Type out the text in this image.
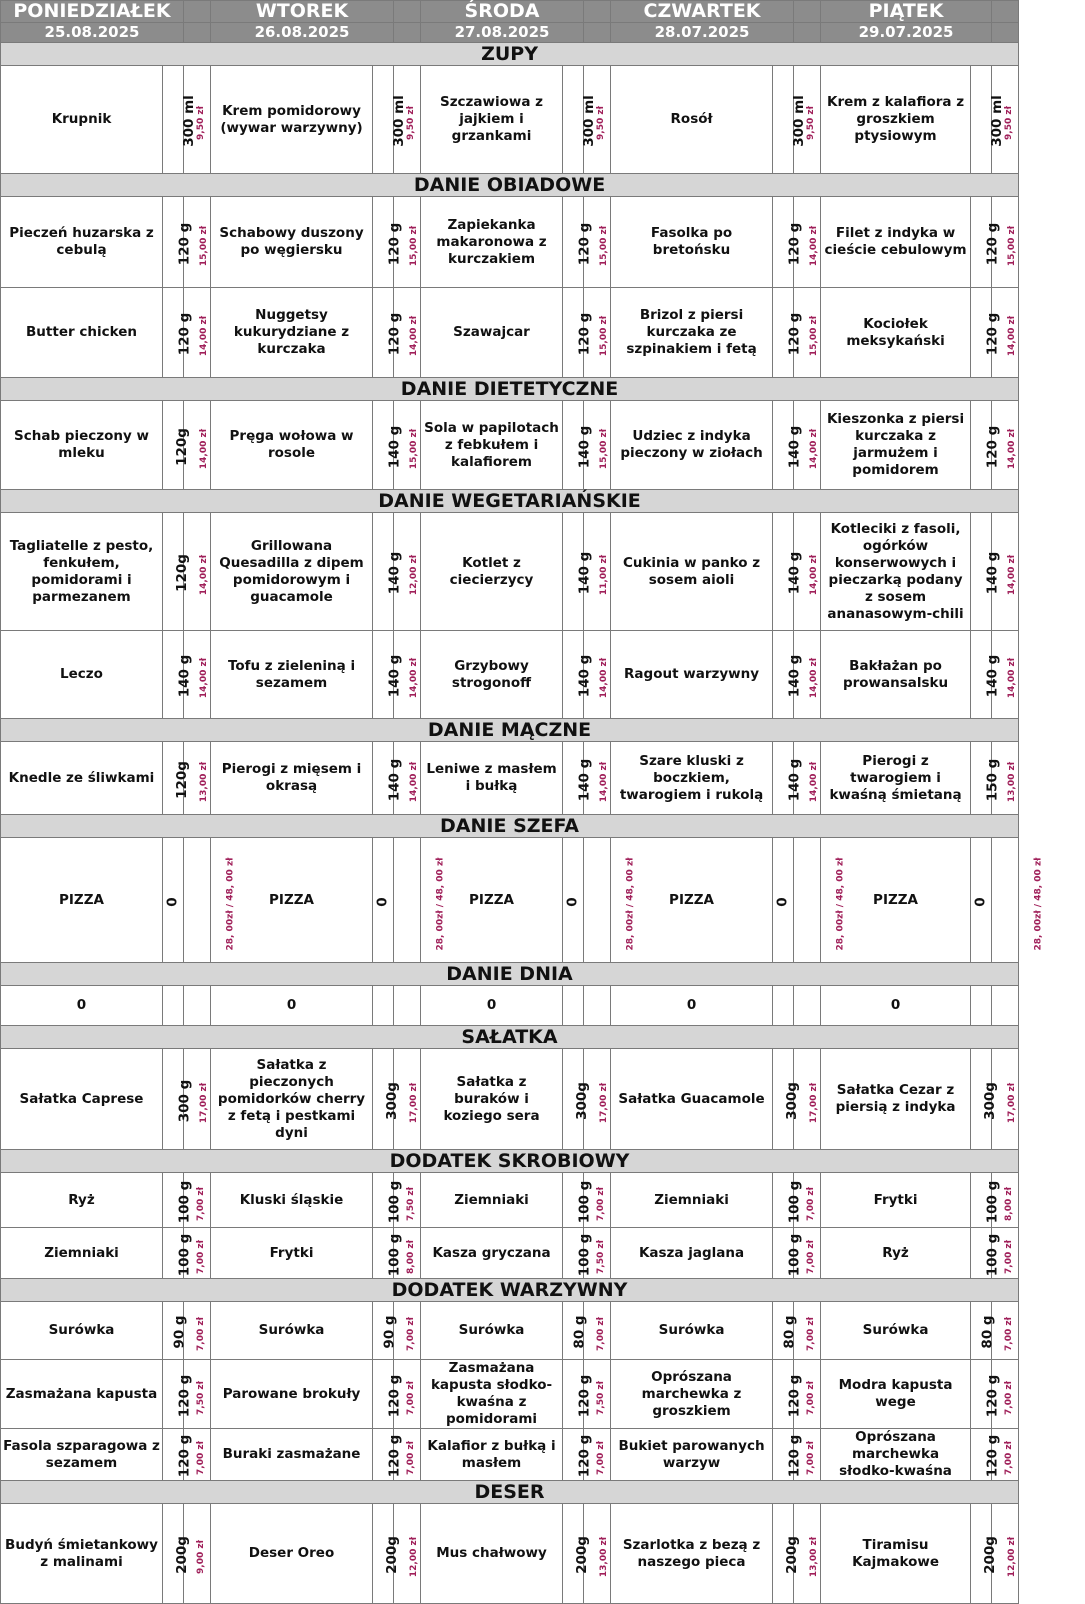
PONIEDZIAŁEK			WTOREK			ŚRODA			CZWARTEK			PIĄTEK		
25.08.2025			26.08.2025			27.08.2025			28.07.2025			29.07.2025		
ZUPY														
Krupnik	300 ml	9,50 zł	Krem pomidorowy (wywar warzywny)	300 ml	9,50 zł	Szczawiowa z jajkiem i grzankami	300 ml	9,50 zł	Rosół	300 ml	9,50 zł	Krem z kalafiora z groszkiem ptysiowym	300 ml	9,50 zł
DANIE OBIADOWE														
Pieczeń huzarska z cebulą	120 g	15,00 zł	Schabowy duszony po węgiersku	120 g	15,00 zł	Zapiekanka makaronowa z kurczakiem	120 g	15,00 zł	Fasolka po bretońsku	120 g	14,00 zł	Filet z indyka w cieście cebulowym	120 g	15,00 zł
Butter chicken	120 g	14,00 zł	Nuggetsy kukurydziane z kurczaka	120 g	14,00 zł	Szawajcar	120 g	15,00 zł	Brizol z piersi kurczaka ze szpinakiem i fetą	120 g	15,00 zł	Kociołek meksykański	120 g	14,00 zł
DANIE DIETETYCZNE														
Schab pieczony w mleku	120g	14,00 zł	Pręga wołowa w rosole	140 g	15,00 zł	Sola w papilotach z febkułem i kalafiorem	140 g	15,00 zł	Udziec z indyka pieczony w ziołach	140 g	14,00 zł	Kieszonka z piersi kurczaka z jarmużem i pomidorem	120 g	14,00 zł
DANIE WEGETARIAŃSKIE														
Tagliatelle z pesto, fenkułem, pomidorami i parmezanem	120g	14,00 zł	Grillowana Quesadilla z dipem pomidorowym i guacamole	140 g	12,00 zł	Kotlet z ciecierzycy	140 g	11,00 zł	Cukinia w panko z sosem aioli	140 g	14,00 zł	Kotleciki z fasoli, ogórków konserwowych i pieczarką podany z sosem ananasowym-chili	140 g	14,00 zł
Leczo	140 g	14,00 zł	Tofu z zieleniną i sezamem	140 g	14,00 zł	Grzybowy strogonoff	140 g	14,00 zł	Ragout warzywny	140 g	14,00 zł	Bakłażan po prowansalsku	140 g	14,00 zł
DANIE MĄCZNE														
Knedle ze śliwkami	120g	13,00 zł	Pierogi z mięsem i okrasą	140 g	14,00 zł	Leniwe z masłem i bułką	140 g	14,00 zł	Szare kluski z boczkiem, twarogiem i rukolą	140 g	14,00 zł	Pierogi z twarogiem i kwaśną śmietaną	150 g	13,00 zł
DANIE SZEFA														
PIZZA	0	28, 00zł / 48, 00 zł	PIZZA	0	28, 00zł / 48, 00 zł	PIZZA	0	28, 00zł / 48, 00 zł	PIZZA	0	28, 00zł / 48, 00 zł	PIZZA	0	28, 00zł / 48, 00 zł
DANIE DNIA														
0			0			0			0			0		
SAŁATKA														
Sałatka Caprese	300 g	17,00 zł	Sałatka z pieczonych pomidorków cherry z fetą i pestkami dyni	300g	17,00 zł	Sałatka z buraków i koziego sera	300g	17,00 zł	Sałatka Guacamole	300g	17,00 zł	Sałatka Cezar z piersią z indyka	300g	17,00 zł
DODATEK SKROBIOWY														
Ryż	100 g	7,00 zł	Kluski śląskie	100 g	7,50 zł	Ziemniaki	100 g	7,00 zł	Ziemniaki	100 g	7,00 zł	Frytki	100 g	8,00 zł
Ziemniaki	100 g	7,00 zł	Frytki	100 g	8,00 zł	Kasza gryczana	100 g	7,50 zł	Kasza jaglana	100 g	7,00 zł	Ryż	100 g	7,00 zł
DODATEK WARZYWNY														
Surówka	90 g	7,00 zł	Surówka	90 g	7,00 zł	Surówka	80 g	7,00 zł	Surówka	80 g	7,00 zł	Surówka	80 g	7,00 zł
Zasmażana kapusta	120 g	7,50 zł	Parowane brokuły	120 g	7,00 zł	Zasmażana kapusta słodko-kwaśna z pomidorami	120 g	7,50 zł	Oprószana marchewka z groszkiem	120 g	7,00 zł	Modra kapusta wege	120 g	7,00 zł
Fasola szparagowa z sezamem	120 g	7,00 zł	Buraki zasmażane	120 g	7,00 zł	Kalafior z bułką i masłem	120 g	7,00 zł	Bukiet parowanych warzyw	120 g	7,00 zł	Oprószana marchewka słodko-kwaśna	120 g	7,00 zł
DESER														
Budyń śmietankowy z malinami	200g	9,00 zł	Deser Oreo	200g	12,00 zł	Mus chałwowy	200g	13,00 zł	Szarlotka z bezą z naszego pieca	200g	13,00 zł	Tiramisu Kajmakowe	200g	12,00 zł
